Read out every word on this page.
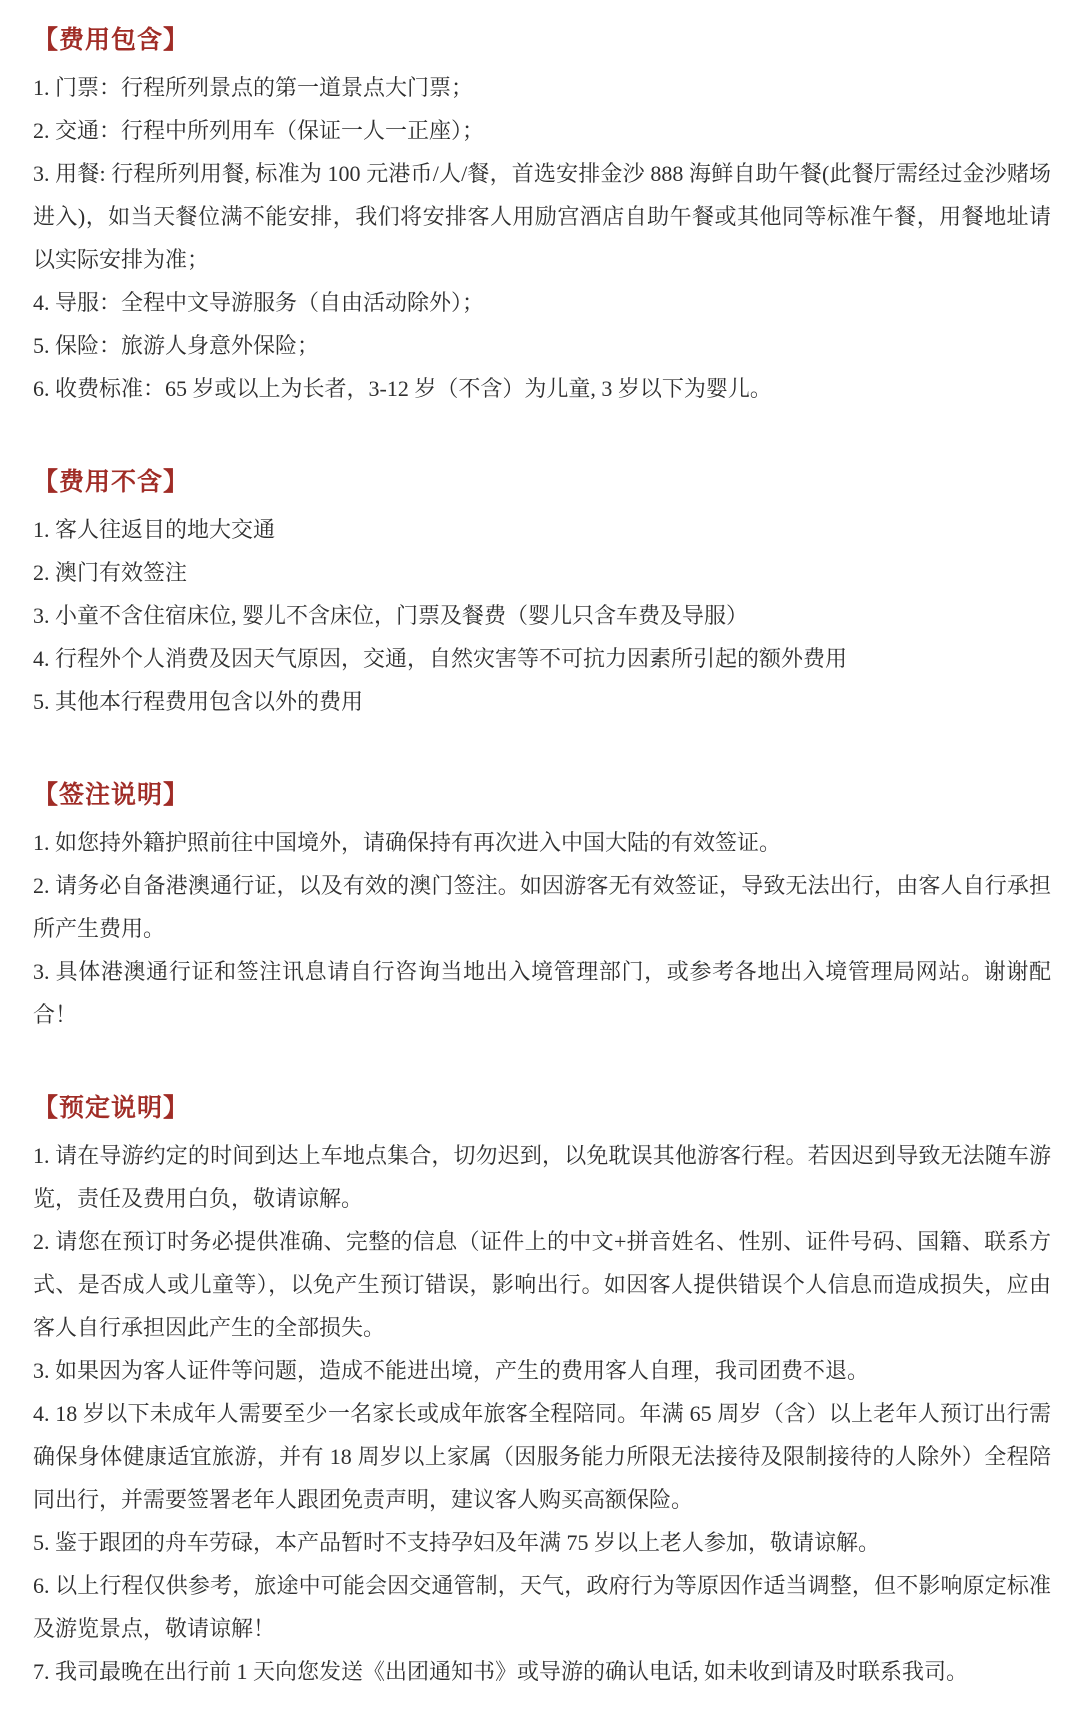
【费用包含】

1. 门票：行程所列景点的第一道景点大门票；

2. 交通：行程中所列用车（保证一人一正座）；

3. 用餐: 行程所列用餐, 标准为 100 元港币/人/餐，首选安排金沙 888 海鲜自助午餐(此餐厅需经过金沙赌场进入)，如当天餐位满不能安排，我们将安排客人用励宫酒店自助午餐或其他同等标准午餐，用餐地址请以实际安排为准；

4. 导服：全程中文导游服务（自由活动除外）；

5. 保险：旅游人身意外保险；

6. 收费标准：65 岁或以上为长者，3-12 岁（不含）为儿童, 3 岁以下为婴儿。

【费用不含】

1. 客人往返目的地大交通

2. 澳门有效签注

3. 小童不含住宿床位, 婴儿不含床位，门票及餐费（婴儿只含车费及导服）

4. 行程外个人消费及因天气原因，交通，自然灾害等不可抗力因素所引起的额外费用

5. 其他本行程费用包含以外的费用

【签注说明】

1. 如您持外籍护照前往中国境外，请确保持有再次进入中国大陆的有效签证。

2. 请务必自备港澳通行证，以及有效的澳门签注。如因游客无有效签证，导致无法出行，由客人自行承担所产生费用。

3. 具体港澳通行证和签注讯息请自行咨询当地出入境管理部门，或参考各地出入境管理局网站。谢谢配合！

【预定说明】

1. 请在导游约定的时间到达上车地点集合，切勿迟到，以免耽误其他游客行程。若因迟到导致无法随车游览，责任及费用白负，敬请谅解。

2. 请您在预订时务必提供准确、完整的信息（证件上的中文+拼音姓名、性别、证件号码、国籍、联系方式、是否成人或儿童等），以免产生预订错误，影响出行。如因客人提供错误个人信息而造成损失，应由客人自行承担因此产生的全部损失。

3. 如果因为客人证件等问题，造成不能进出境，产生的费用客人自理，我司团费不退。

4. 18 岁以下未成年人需要至少一名家长或成年旅客全程陪同。年满 65 周岁（含）以上老年人预订出行需确保身体健康适宜旅游，并有 18 周岁以上家属（因服务能力所限无法接待及限制接待的人除外）全程陪同出行，并需要签署老年人跟团免责声明，建议客人购买高额保险。

5. 鉴于跟团的舟车劳碌，本产品暂时不支持孕妇及年满 75 岁以上老人参加，敬请谅解。

6. 以上行程仅供参考，旅途中可能会因交通管制，天气，政府行为等原因作适当调整，但不影响原定标准及游览景点，敬请谅解！

7. 我司最晚在出行前 1 天向您发送《出团通知书》或导游的确认电话, 如未收到请及时联系我司。
